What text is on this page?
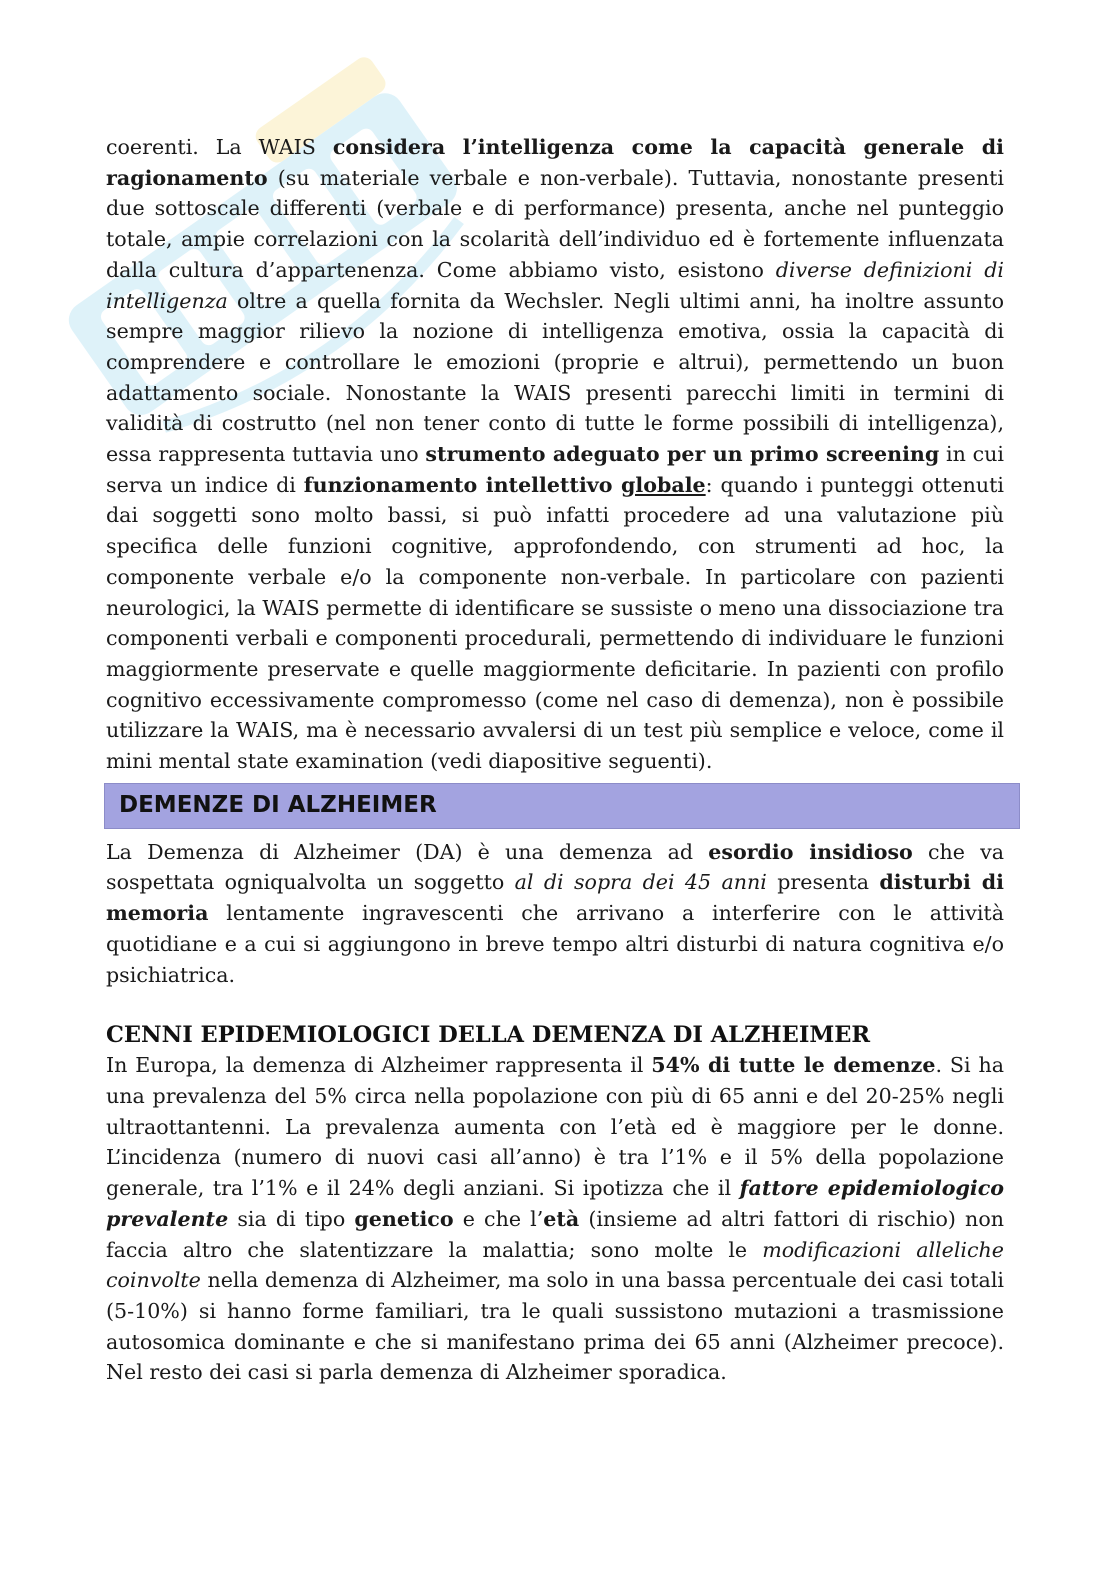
coerenti. La WAIS considera l’intelligenza come la capacità generale di ragionamento (su materiale verbale e non-verbale). Tuttavia, nonostante presenti due sottoscale differenti (verbale e di performance) presenta, anche nel punteggio totale, ampie correlazioni con la scolarità dell’individuo ed è fortemente influenzata dalla cultura d’appartenenza. Come abbiamo visto, esistono diverse definizioni di intelligenza oltre a quella fornita da Wechsler. Negli ultimi anni, ha inoltre assunto sempre maggior rilievo la nozione di intelligenza emotiva, ossia la capacità di comprendere e controllare le emozioni (proprie e altrui), permettendo un buon adattamento sociale. Nonostante la WAIS presenti parecchi limiti in termini di validità di costrutto (nel non tener conto di tutte le forme possibili di intelligenza), essa rappresenta tuttavia uno strumento adeguato per un primo screening in cui serva un indice di funzionamento intellettivo globale: quando i punteggi ottenuti dai soggetti sono molto bassi, si può infatti procedere ad una valutazione più specifica delle funzioni cognitive, approfondendo, con strumenti ad hoc, la componente verbale e/o la componente non-verbale. In particolare con pazienti neurologici, la WAIS permette di identificare se sussiste o meno una dissociazione tra componenti verbali e componenti procedurali, permettendo di individuare le funzioni maggiormente preservate e quelle maggiormente deficitarie. In pazienti con profilo cognitivo eccessivamente compromesso (come nel caso di demenza), non è possibile utilizzare la WAIS, ma è necessario avvalersi di un test più semplice e veloce, come il mini mental state examination (vedi diapositive seguenti).

DEMENZE DI ALZHEIMER

La Demenza di Alzheimer (DA) è una demenza ad esordio insidioso che va sospettata ogniqualvolta un soggetto al di sopra dei 45 anni presenta disturbi di memoria lentamente ingravescenti che arrivano a interferire con le attività quotidiane e a cui si aggiungono in breve tempo altri disturbi di natura cognitiva e/o psichiatrica.

CENNI EPIDEMIOLOGICI DELLA DEMENZA DI ALZHEIMER

In Europa, la demenza di Alzheimer rappresenta il 54% di tutte le demenze. Si ha una prevalenza del 5% circa nella popolazione con più di 65 anni e del 20-25% negli ultraottantenni. La prevalenza aumenta con l’età ed è maggiore per le donne. L’incidenza (numero di nuovi casi all’anno) è tra l’1% e il 5% della popolazione generale, tra l’1% e il 24% degli anziani. Si ipotizza che il fattore epidemiologico prevalente sia di tipo genetico e che l’età (insieme ad altri fattori di rischio) non faccia altro che slatentizzare la malattia; sono molte le modificazioni alleliche coinvolte nella demenza di Alzheimer, ma solo in una bassa percentuale dei casi totali (5-10%) si hanno forme familiari, tra le quali sussistono mutazioni a trasmissione autosomica dominante e che si manifestano prima dei 65 anni (Alzheimer precoce). Nel resto dei casi si parla demenza di Alzheimer sporadica.
